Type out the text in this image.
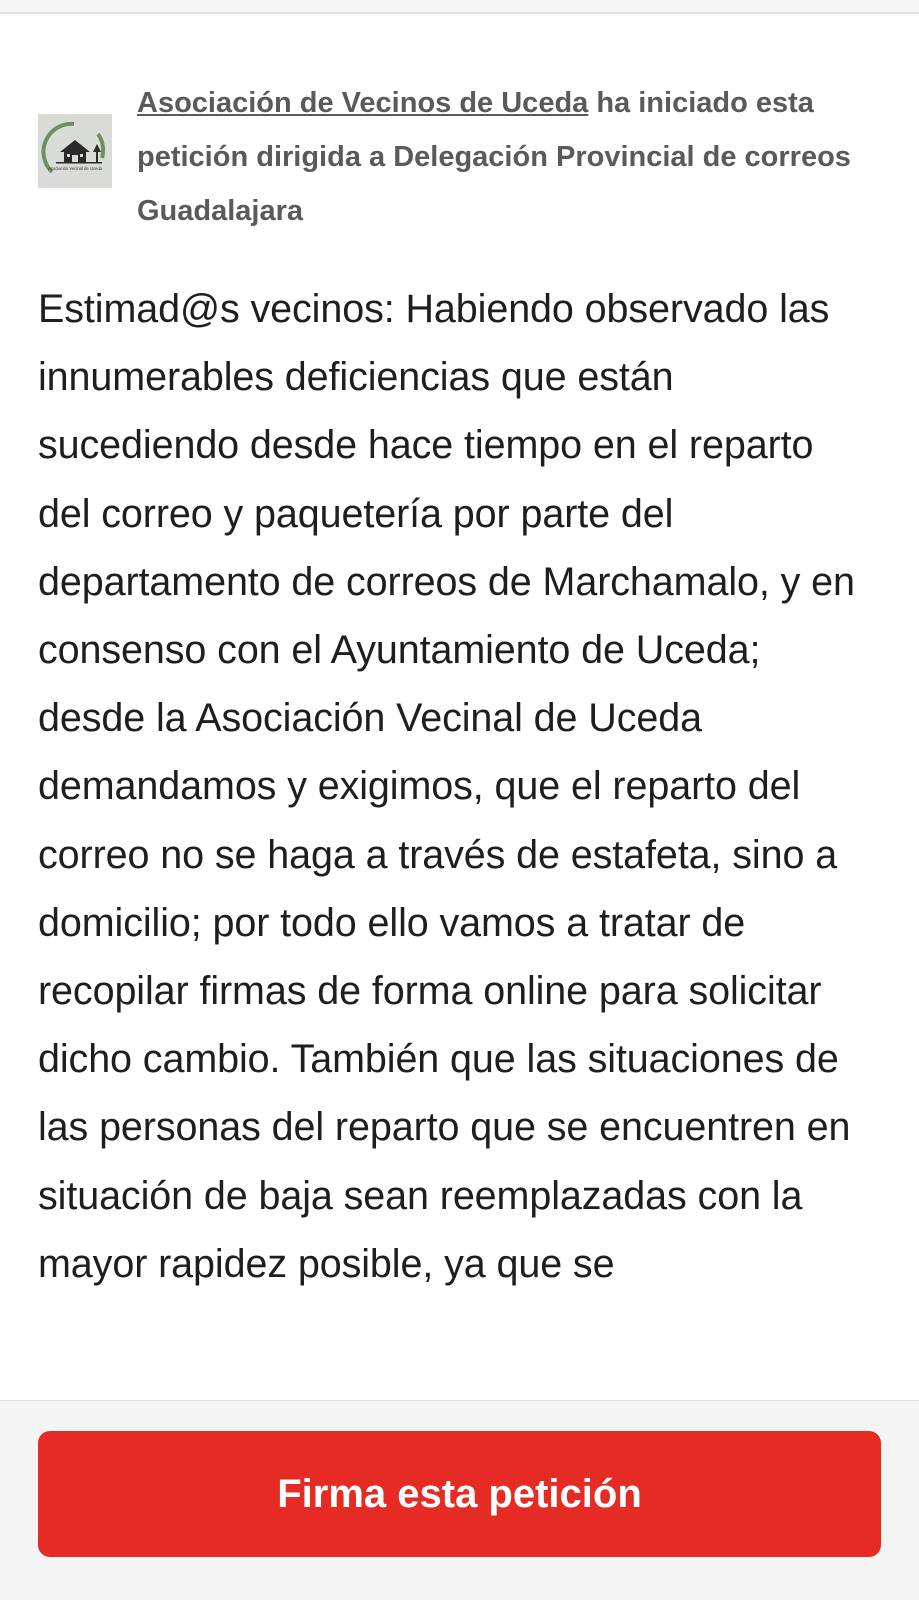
Asociación Vecinal de Uceda
Asociación de Vecinos de Uceda ha iniciado esta petición dirigida a Delegación Provincial de correos Guadalajara

Estimad@s vecinos: Habiendo observado las innumerables deficiencias que están sucediendo desde hace tiempo en el reparto del correo y paquetería por parte del departamento de correos de Marchamalo, y en consenso con el Ayuntamiento de Uceda; desde la Asociación Vecinal de Uceda demandamos y exigimos, que el reparto del correo no se haga a través de estafeta, sino a domicilio; por todo ello vamos a tratar de recopilar firmas de forma online para solicitar dicho cambio. También que las situaciones de las personas del reparto que se encuentren en situación de baja sean reemplazadas con la mayor rapidez posible, ya que se

Firma esta petición
